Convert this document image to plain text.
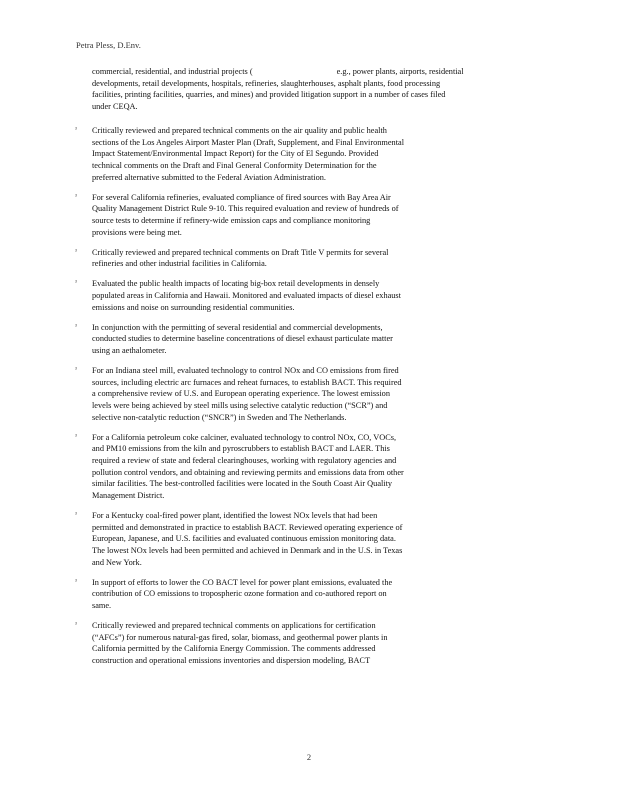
Petra Pless, D.Env.
commercial, residential, and industrial projects (	e.g., power plants, airports, residential developments, retail developments, hospitals, refineries, slaughterhouses, asphalt plants, food processing facilities, printing facilities, quarries, and mines) and provided litigation support in a number of cases filed under CEQA.
³ Critically reviewed and prepared technical comments on the air quality and public health sections of the Los Angeles Airport Master Plan (Draft, Supplement, and Final Environmental Impact Statement/Environmental Impact Report) for the City of El Segundo. Provided technical comments on the Draft and Final General Conformity Determination for the preferred alternative submitted to the Federal Aviation Administration.
³ For several California refineries, evaluated compliance of fired sources with Bay Area Air Quality Management District Rule 9-10. This required evaluation and review of hundreds of source tests to determine if refinery-wide emission caps and compliance monitoring provisions were being met.
³ Critically reviewed and prepared technical comments on Draft Title V permits for several refineries and other industrial facilities in California.
³ Evaluated the public health impacts of locating big-box retail developments in densely populated areas in California and Hawaii. Monitored and evaluated impacts of diesel exhaust emissions and noise on surrounding residential communities.
³ In conjunction with the permitting of several residential and commercial developments, conducted studies to determine baseline concentrations of diesel exhaust particulate matter using an aethalometer.
³ For an Indiana steel mill, evaluated technology to control NOx and CO emissions from fired sources, including electric arc furnaces and reheat furnaces, to establish BACT. This required a comprehensive review of U.S. and European operating experience. The lowest emission levels were being achieved by steel mills using selective catalytic reduction (“SCR”) and selective non-catalytic reduction (“SNCR”) in Sweden and The Netherlands.
³ For a California petroleum coke calciner, evaluated technology to control NOx, CO, VOCs, and PM10 emissions from the kiln and pyroscrubbers to establish BACT and LAER. This required a review of state and federal clearinghouses, working with regulatory agencies and pollution control vendors, and obtaining and reviewing permits and emissions data from other similar facilities. The best-controlled facilities were located in the South Coast Air Quality Management District.
³ For a Kentucky coal-fired power plant, identified the lowest NOx levels that had been permitted and demonstrated in practice to establish BACT. Reviewed operating experience of European, Japanese, and U.S. facilities and evaluated continuous emission monitoring data. The lowest NOx levels had been permitted and achieved in Denmark and in the U.S. in Texas and New York.
³ In support of efforts to lower the CO BACT level for power plant emissions, evaluated the contribution of CO emissions to tropospheric ozone formation and co-authored report on same.
³ Critically reviewed and prepared technical comments on applications for certification (“AFCs”) for numerous natural-gas fired, solar, biomass, and geothermal power plants in California permitted by the California Energy Commission. The comments addressed construction and operational emissions inventories and dispersion modeling, BACT
2
